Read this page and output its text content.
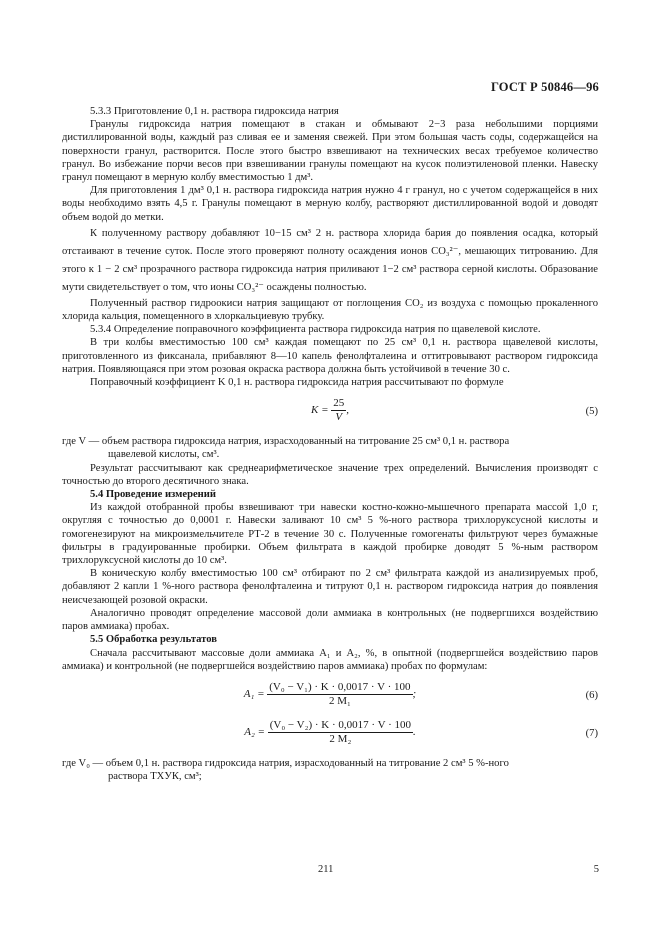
ГОСТ Р 50846—96

5.3.3 Приготовление 0,1 н. раствора гидроксида натрия

Гранулы гидроксида натрия помещают в стакан и обмывают 2−3 раза небольшими порциями дистиллированной воды, каждый раз сливая ее и заменяя свежей. При этом большая часть соды, содержащейся на поверхности гранул, растворится. После этого быстро взвешивают на технических весах требуемое количество гранул. Во избежание порчи весов при взвешивании гранулы помещают на кусок полиэтиленовой пленки. Навеску гранул помещают в мерную колбу вместимостью 1 дм³.

Для приготовления 1 дм³ 0,1 н. раствора гидроксида натрия нужно 4 г гранул, но с учетом содержащейся в них воды необходимо взять 4,5 г. Гранулы помещают в мерную колбу, растворяют дистиллированной водой и доводят объем водой до метки.

К полученному раствору добавляют 10−15 см³ 2 н. раствора хлорида бария до появления осадка, который отстаивают в течение суток. После этого проверяют полноту осаждения ионов CO₃²⁻, мешающих титрованию. Для этого к 1 − 2 см³ прозрачного раствора гидроксида натрия приливают 1−2 см³ раствора серной кислоты. Образование мути свидетельствует о том, что ионы CO₃²⁻ осаждены полностью.

Полученный раствор гидроокиси натрия защищают от поглощения CO₂ из воздуха с помощью прокаленного хлорида кальция, помещенного в хлоркальциевую трубку.

5.3.4 Определение поправочного коэффициента раствора гидроксида натрия по щавелевой кислоте.

В три колбы вместимостью 100 см³ каждая помещают по 25 см³ 0,1 н. раствора щавелевой кислоты, приготовленного из фиксанала, прибавляют 8—10 капель фенолфталеина и оттитровывают раствором гидроксида натрия. Появляющаяся при этом розовая окраска раствора должна быть устойчивой в течение 30 с.

Поправочный коэффициент K 0,1 н. раствора гидроксида натрия рассчитывают по формуле

$K = \frac{25}{V}$ ,	(5)

где V — объем раствора гидроксида натрия, израсходованный на титрование 25 см³ 0,1 н. раствора

щавелевой кислоты, см³.

Результат рассчитывают как среднеарифметическое значение трех определений. Вычисления производят с точностью до второго десятичного знака.

5.4 Проведение измерений

Из каждой отобранной пробы взвешивают три навески костно-кожно-мышечного препарата массой 1,0 г, округляя с точностью до 0,0001 г. Навески заливают 10 см³ 5 %-ного раствора трихлоруксусной кислоты и гомогенезируют на микроизмельчителе РТ-2 в течение 30 с. Полученные гомогенаты фильтруют через бумажные фильтры в градуированные пробирки. Объем фильтрата в каждой пробирке доводят 5 %-ным раствором трихлоруксусной кислоты до 10 см³.

В коническую колбу вместимостью 100 см³ отбирают по 2 см³ фильтрата каждой из анализируемых проб, добавляют 2 капли 1 %-ного раствора фенолфталеина и титруют 0,1 н. раствором гидроксида натрия до появления неисчезающей розовой окраски.

Аналогично проводят определение массовой доли аммиака в контрольных (не подвергшихся воздействию паров аммиака) пробах.

5.5 Обработка результатов

Сначала рассчитывают массовые доли аммиака A₁ и A₂, %, в опытной (подвергшейся воздействию паров аммиака) и контрольной (не подвергшейся воздействию паров аммиака) пробах по формулам:

$A_1 = \frac{\text{(V₀ − V₁) · K · 0,0017 · V · 100}}{\text{2 M₁}}$ ;	(6)
$A_2 = \frac{\text{(V₀ − V₂) · K · 0,0017 · V · 100}}{\text{2 M₂}}$ .	(7)

где V₀ — объем 0,1 н. раствора гидроксида натрия, израсходованный на титрование 2 см³ 5 %-ного

раствора ТХУК, см³;

211	5
